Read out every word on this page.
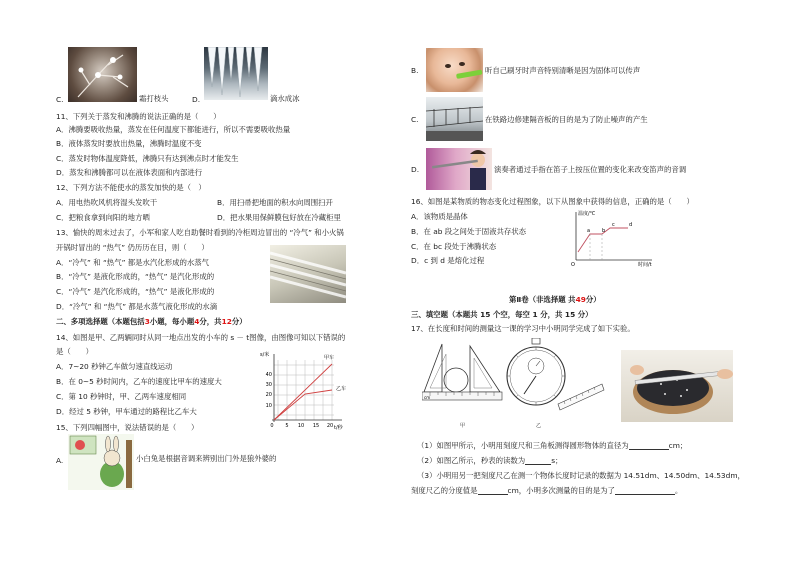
C.	霜打枝头	D.	滴水成冰
11、下列关于蒸发和沸腾的说法正确的是（　　）
A．沸腾要吸收热量，蒸发在任何温度下都能进行，所以不需要吸收热量
B．液体蒸发时要放出热量，沸腾时温度不变
C．蒸发时物体温度降低，沸腾只有达到沸点时才能发生
D．蒸发和沸腾都可以在液体表面和内部进行
12、下列方法不能使水的蒸发加快的是（　）
A．用电热吹风机将湿头发吹干	B．用扫帚把地面的积水向周围扫开
C．把粮食拿到向阳的地方晒	D．把水果用保鲜膜包好放在冷藏柜里
13、愉快的周末过去了，小军和家人吃自助餐时看到的冷柜周边冒出的 “冷气” 和小火锅
开锅时冒出的 “热气” 仍历历在目，则（　　）
A．“冷气” 和 “热气” 都是水汽化形成的水蒸气
B．“冷气” 是液化形成的，“热气” 是汽化形成的
C．“冷气” 是汽化形成的，“热气” 是液化形成的
D．“冷气” 和 “热气” 都是水蒸气液化形成的水滴
二、多项选择题（本题包括3小题，每小题4分，共12分）
14、如图是甲、乙两辆同时从同一地点出发的小车的 s － t图像，由图像可知以下错误的
是（　　）
A．7~20 秒钟乙车做匀速直线运动
B．在 0~5 秒时间内，乙车的速度比甲车的速度大
C．第 10 秒钟时，甲、乙两车速度相同
D．经过 5 秒钟，甲车通过的路程比乙车大
s/米
t/秒
甲车
乙车
10
20
30
40
0 5 10 15 20
15、下列四幅图中，说法错误的是（　　）
A.	小白兔是根据音调来辨别出门外是狼外婆的
B.	听自己刷牙时声音特别清晰是因为固体可以传声
C.	在铁路边修建隔音板的目的是为了防止噪声的产生
D.	演奏者通过手指在笛子上按压位置的变化来改变笛声的音调
16、如图是某物质的物态变化过程图象，以下从图象中获得的信息，正确的是（　　）
A．该物质是晶体
B．在 ab 段之间处于固液共存状态
C．在 bc 段处于沸腾状态
D．c 到 d 是熔化过程
温度/℃
时间/t
O
a b
c	d
第Ⅱ卷（非选择题 共49分）
三、填空题（本题共 15 个空，每空 1 分，共 15 分）
17、在长度和时间的测量这一课的学习中小明同学完成了如下实验。
cm
甲	乙
（1）如图甲所示，小明用刻度尺和三角板测得圆形物体的直径为	cm；
（2）如图乙所示，秒表的读数为	s；
（3）小明用另一把刻度尺乙在测一个物体长度时记录的数据为 14.51dm、14.50dm、14.53dm，
刻度尺乙的分度值是	cm，小明多次测量的目的是为了	。
